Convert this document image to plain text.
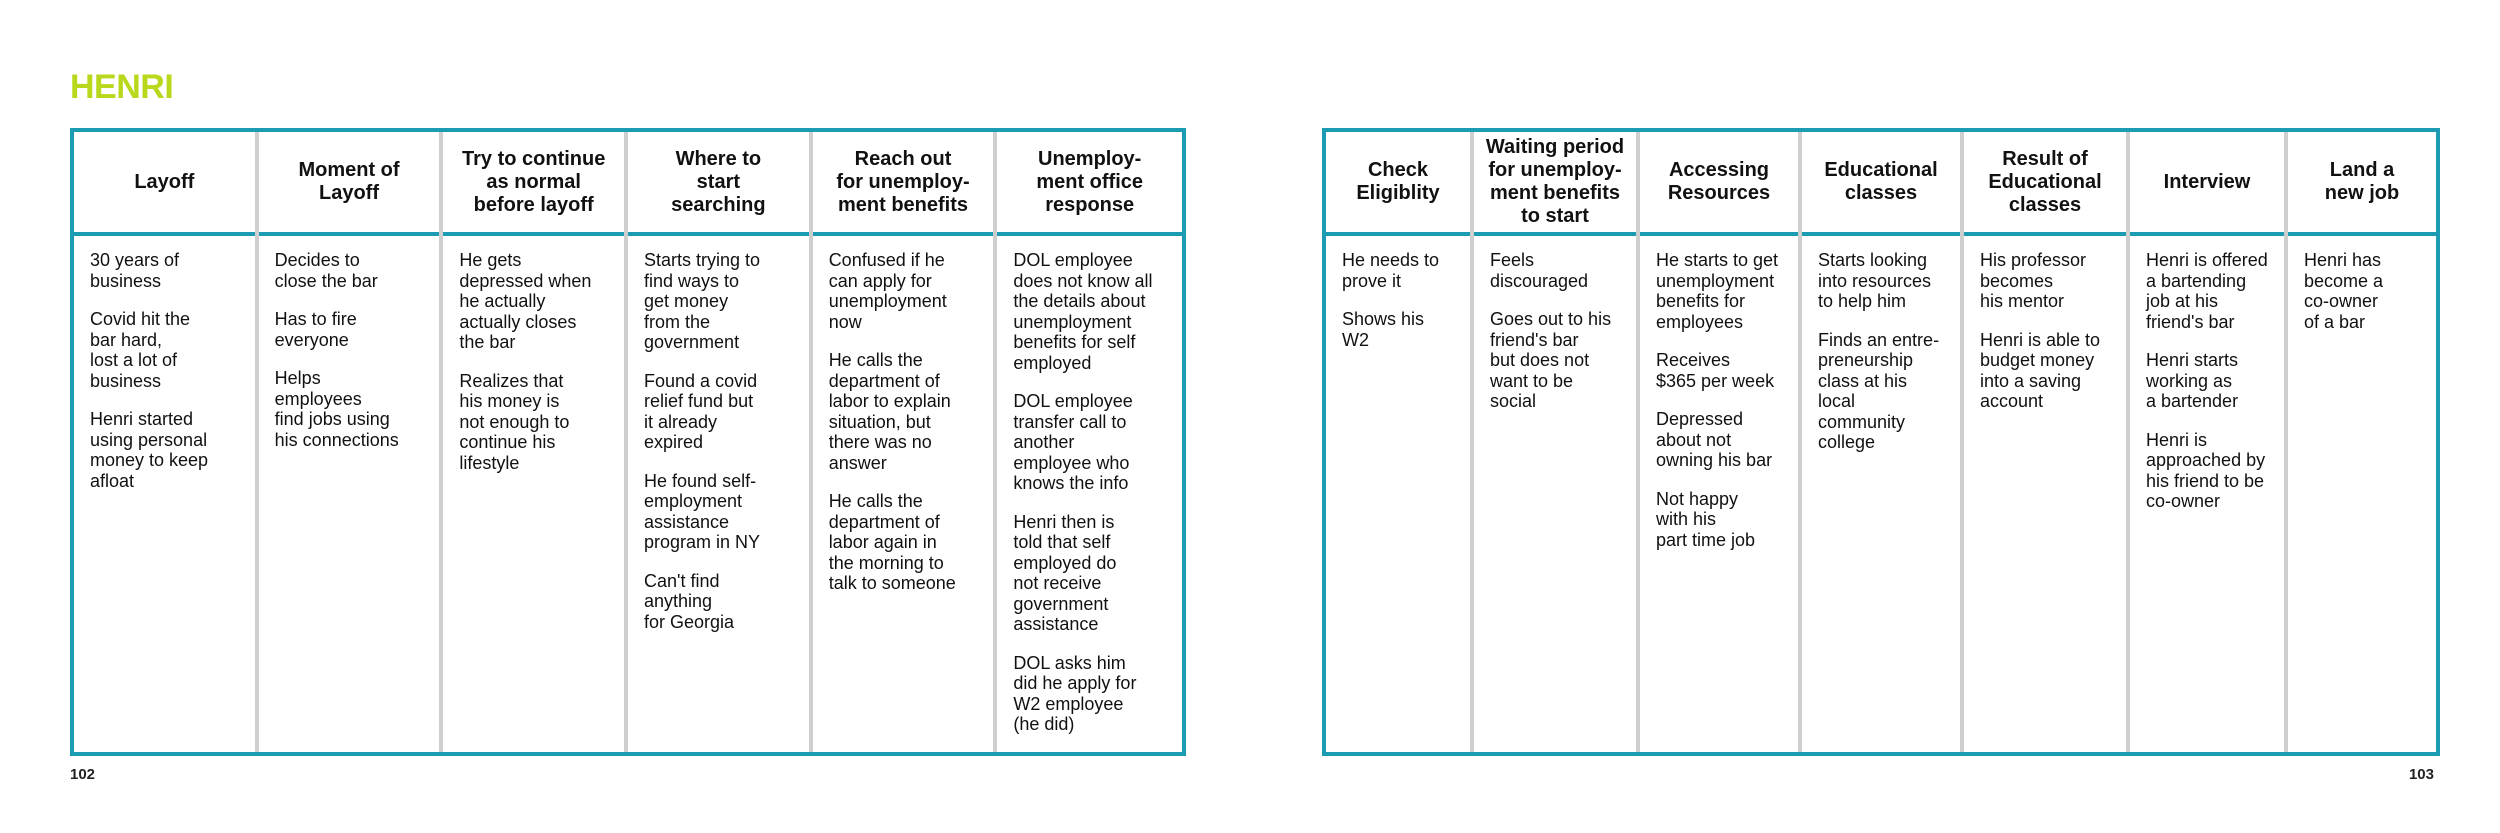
HENRI
Layoff

30 years of
business

Covid hit the
bar hard,
lost a lot of
business

Henri started
using personal
money to keep
afloat

Moment of
Layoff

Decides to
close the bar

Has to fire
everyone

Helps
employees
find jobs using
his connections

Try to continue
as normal
before layoff

He gets
depressed when
he actually
actually closes
the bar

Realizes that
his money is
not enough to
continue his
lifestyle

Where to
start
searching

Starts trying to
find ways to
get money
from the
government

Found a covid
relief fund but
it already
expired

He found self-
employment
assistance
program in NY

Can't find
anything
for Georgia

Reach out
for unemploy-
ment benefits

Confused if he
can apply for
unemployment
now

He calls the
department of
labor to explain
situation, but
there was no
answer

He calls the
department of
labor again in
the morning to
talk to someone

Unemploy-
ment office
response

DOL employee
does not know all
the details about
unemployment
benefits for self
employed

DOL employee
transfer call to
another
employee who
knows the info

Henri then is
told that self
employed do
not receive
government
assistance

DOL asks him
did he apply for
W2 employee
(he did)

Check
Eligiblity

He needs to
prove it

Shows his W2

Waiting period
for unemploy-
ment benefits
to start

Feels
discouraged

Goes out to his
friend's bar
but does not
want to be
social

Accessing
Resources

He starts to get
unemployment
benefits for
employees

Receives
$365 per week

Depressed
about not
owning his bar

Not happy
with his
part time job

Educational
classes

Starts looking
into resources
to help him

Finds an entre-
preneurship
class at his local
community
college

Result of
Educational
classes

His professor
becomes
his mentor

Henri is able to
budget money
into a saving
account

Interview

Henri is offered
a bartending
job at his
friend's bar

Henri starts
working as
a bartender

Henri is
approached by
his friend to be
co-owner

Land a
new job

Henri has
become a
co-owner
of a bar

102	103
